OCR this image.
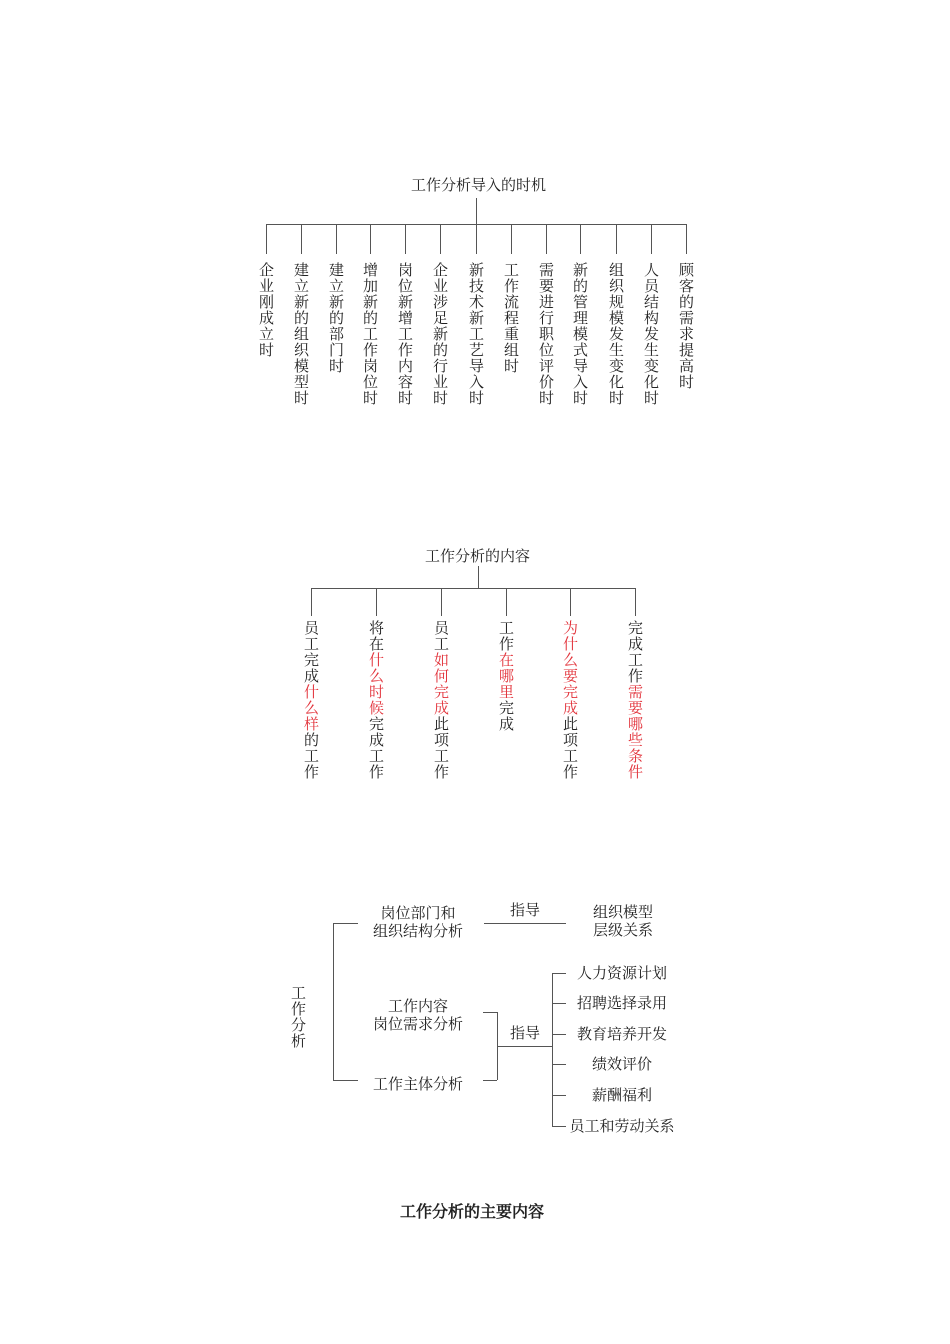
工作分析导入的时机
企业刚成立时 建立新的组织模型时 建立新的部门时 增加新的工作岗位时 岗位新增工作内容时 企业涉足新的行业时 新技术新工艺导入时 工作流程重组时 需要进行职位评价时 新的管理模式导入时 组织规模发生变化时 人员结构发生变化时 顾客的需求提高时
工作分析的内容
员工完成什么样的工作
将在什么时候完成工作
员工如何完成此项工作
工作在哪里完成	为什么要完成此项工作
完成工作需要哪些条件
工作分析
岗位部门和
组织结构分析
指导	组织模型
层级关系
工作内容
岗位需求分析
工作主体分析
指导
人力资源计划
招聘选择录用
教育培养开发
绩效评价
薪酬福利
员工和劳动关系
工作分析的主要内容
